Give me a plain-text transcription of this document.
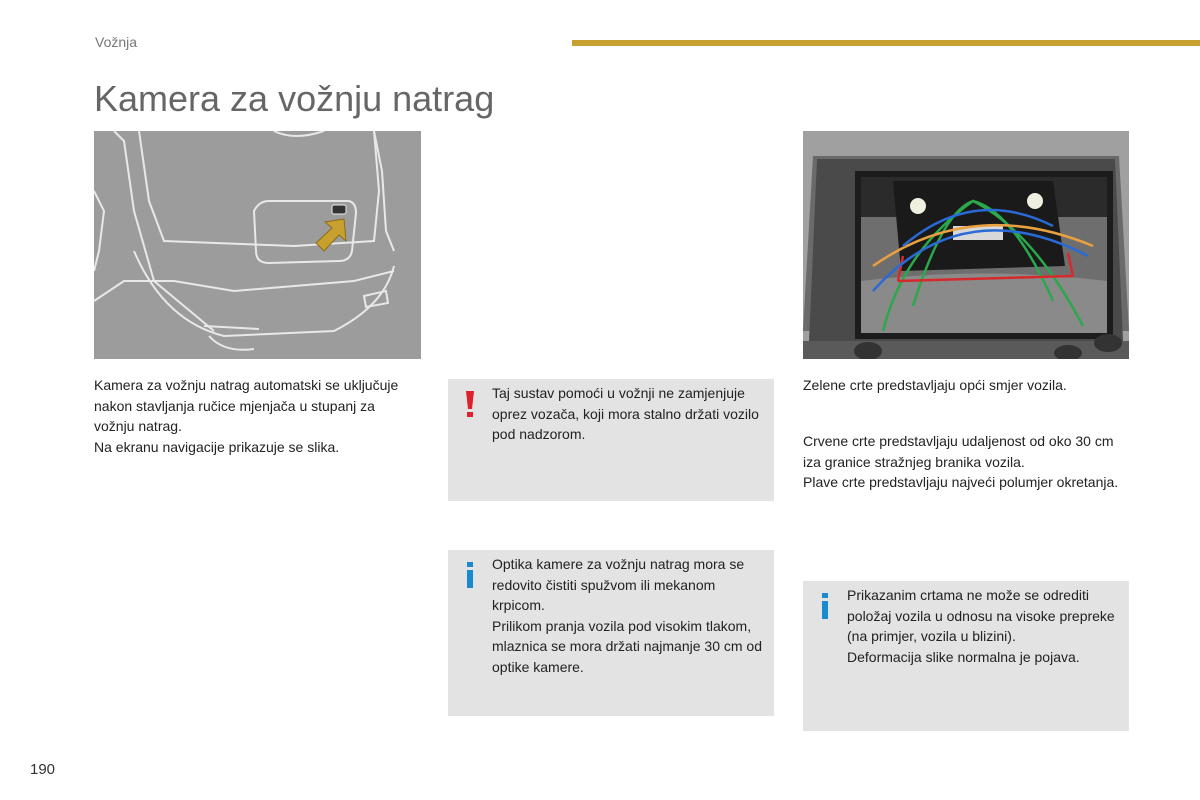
Vožnja
Kamera za vožnju natrag

Kamera za vožnju natrag automatski se uključuje nakon stavljanja ručice mjenjača u stupanj za vožnju natrag.

Na ekranu navigacije prikazuje se slika.

Taj sustav pomoći u vožnji ne zamjenjuje oprez vozača, koji mora stalno držati vozilo pod nadzorom.

Optika kamere za vožnju natrag mora se redovito čistiti spužvom ili mekanom krpicom.

Prilikom pranja vozila pod visokim tlakom, mlaznica se mora držati najmanje 30 cm od optike kamere.

Zelene crte predstavljaju opći smjer vozila.

Crvene crte predstavljaju udaljenost od oko 30 cm iza granice stražnjeg branika vozila.

Plave crte predstavljaju najveći polumjer okretanja.

Prikazanim crtama ne može se odrediti položaj vozila u odnosu na visoke prepreke (na primjer, vozila u blizini).

Deformacija slike normalna je pojava.

190
